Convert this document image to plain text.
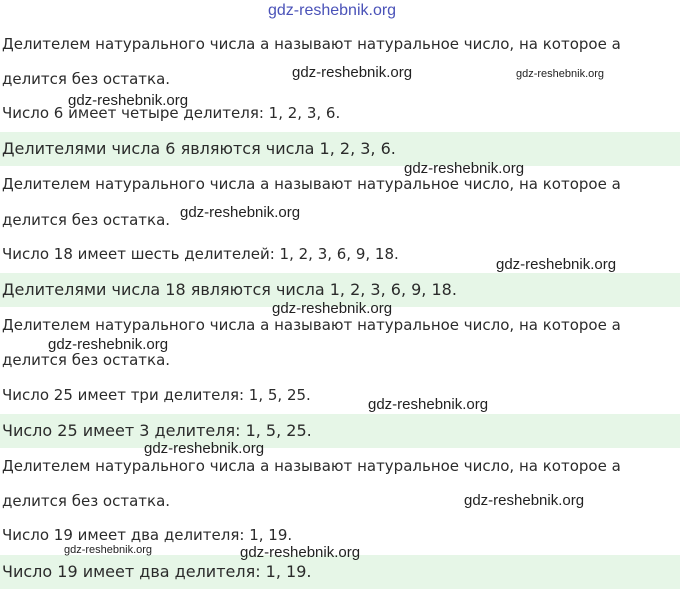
gdz-reshebnik.org
Делителем натурального числа a называют натуральное число, на которое a
делится без остатка.
Число 6 имеет четыре делителя: 1, 2, 3, 6.
Делителями числа 6 являются числа 1, 2, 3, 6.
Делителем натурального числа a называют натуральное число, на которое a
делится без остатка.
Число 18 имеет шесть делителей: 1, 2, 3, 6, 9, 18.
Делителями числа 18 являются числа 1, 2, 3, 6, 9, 18.
Делителем натурального числа a называют натуральное число, на которое a
делится без остатка.
Число 25 имеет три делителя: 1, 5, 25.
Число 25 имеет 3 делителя: 1, 5, 25.
Делителем натурального числа a называют натуральное число, на которое a
делится без остатка.
Число 19 имеет два делителя: 1, 19.
Число 19 имеет два делителя: 1, 19.
gdz-reshebnik.org	gdz-reshebnik.org
gdz-reshebnik.org
gdz-reshebnik.org
gdz-reshebnik.org
gdz-reshebnik.org
gdz-reshebnik.org
gdz-reshebnik.org
gdz-reshebnik.org
gdz-reshebnik.org
gdz-reshebnik.org
gdz-reshebnik.org	gdz-reshebnik.org
